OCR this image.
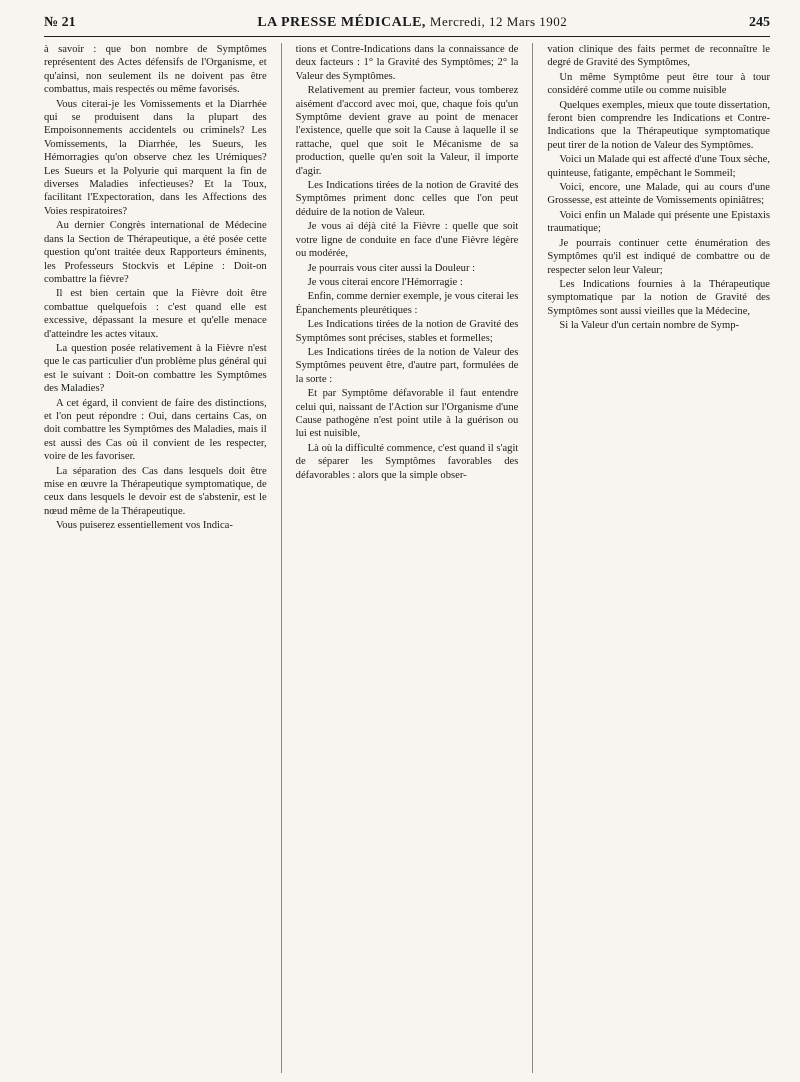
№ 21	LA PRESSE MÉDICALE, Mercredi, 12 Mars 1902	245

à savoir : que bon nombre de Symptômes représentent des Actes défensifs de l'Organisme, et qu'ainsi, non seulement ils ne doivent pas être combattus, mais respectés ou même favorisés.

Vous citerai-je les Vomissements et la Diarrhée qui se produisent dans la plupart des Empoisonnements accidentels ou criminels? Les Vomissements, la Diarrhée, les Sueurs, les Hémorragies qu'on observe chez les Urémiques? Les Sueurs et la Polyurie qui marquent la fin de diverses Maladies infectieuses? Et la Toux, facilitant l'Expectoration, dans les Affections des Voies respiratoires?

Au dernier Congrès international de Médecine dans la Section de Thérapeutique, a été posée cette question qu'ont traitée deux Rapporteurs éminents, les Professeurs Stockvis et Lépine : Doit-on combattre la fièvre?

Il est bien certain que la Fièvre doit être combattue quelquefois : c'est quand elle est excessive, dépassant la mesure et qu'elle menace d'atteindre les actes vitaux.

La question posée relativement à la Fièvre n'est que le cas particulier d'un problème plus général qui est le suivant : Doit-on combattre les Symptômes des Maladies?

A cet égard, il convient de faire des distinctions, et l'on peut répondre : Oui, dans certains Cas, on doit combattre les Symptômes des Maladies, mais il est aussi des Cas où il convient de les respecter, voire de les favoriser.

La séparation des Cas dans lesquels doit être mise en œuvre la Thérapeutique symptomatique, de ceux dans lesquels le devoir est de s'abstenir, est le nœud même de la Thérapeutique.

Vous puiserez essentiellement vos Indica-

tions et Contre-Indications dans la connaissance de deux facteurs : 1° la Gravité des Symptômes; 2° la Valeur des Symptômes.

Relativement au premier facteur, vous tomberez aisément d'accord avec moi, que, chaque fois qu'un Symptôme devient grave au point de menacer l'existence, quelle que soit la Cause à laquelle il se rattache, quel que soit le Mécanisme de sa production, quelle qu'en soit la Valeur, il importe d'agir.

Les Indications tirées de la notion de Gravité des Symptômes priment donc celles que l'on peut déduire de la notion de Valeur.

Je vous ai déjà cité la Fièvre : quelle que soit votre ligne de conduite en face d'une Fièvre légère ou modérée,

Je pourrais vous citer aussi la Douleur :

Je vous citerai encore l'Hémorragie :

Enfin, comme dernier exemple, je vous citerai les Épanchements pleurétiques :

Les Indications tirées de la notion de Gravité des Symptômes sont précises, stables et formelles;

Les Indications tirées de la notion de Valeur des Symptômes peuvent être, d'autre part, formulées de la sorte :

Et par Symptôme défavorable il faut entendre celui qui, naissant de l'Action sur l'Organisme d'une Cause pathogène n'est point utile à la guérison ou lui est nuisible,

Là où la difficulté commence, c'est quand il s'agit de séparer les Symptômes favorables des défavorables : alors que la simple obser-

vation clinique des faits permet de reconnaître le degré de Gravité des Symptômes,

Un même Symptôme peut être tour à tour considéré comme utile ou comme nuisible

Quelques exemples, mieux que toute dissertation, feront bien comprendre les Indications et Contre-Indications que la Thérapeutique symptomatique peut tirer de la notion de Valeur des Symptômes.

Voici un Malade qui est affecté d'une Toux sèche, quinteuse, fatigante, empêchant le Sommeil;

Voici, encore, une Malade, qui au cours d'une Grossesse, est atteinte de Vomissements opiniâtres;

Voici enfin un Malade qui présente une Epistaxis traumatique;

Je pourrais continuer cette énumération des Symptômes qu'il est indiqué de combattre ou de respecter selon leur Valeur;

Les Indications fournies à la Thérapeutique symptomatique par la notion de Gravité des Symptômes sont aussi vieilles que la Médecine,

Si la Valeur d'un certain nombre de Symp-
